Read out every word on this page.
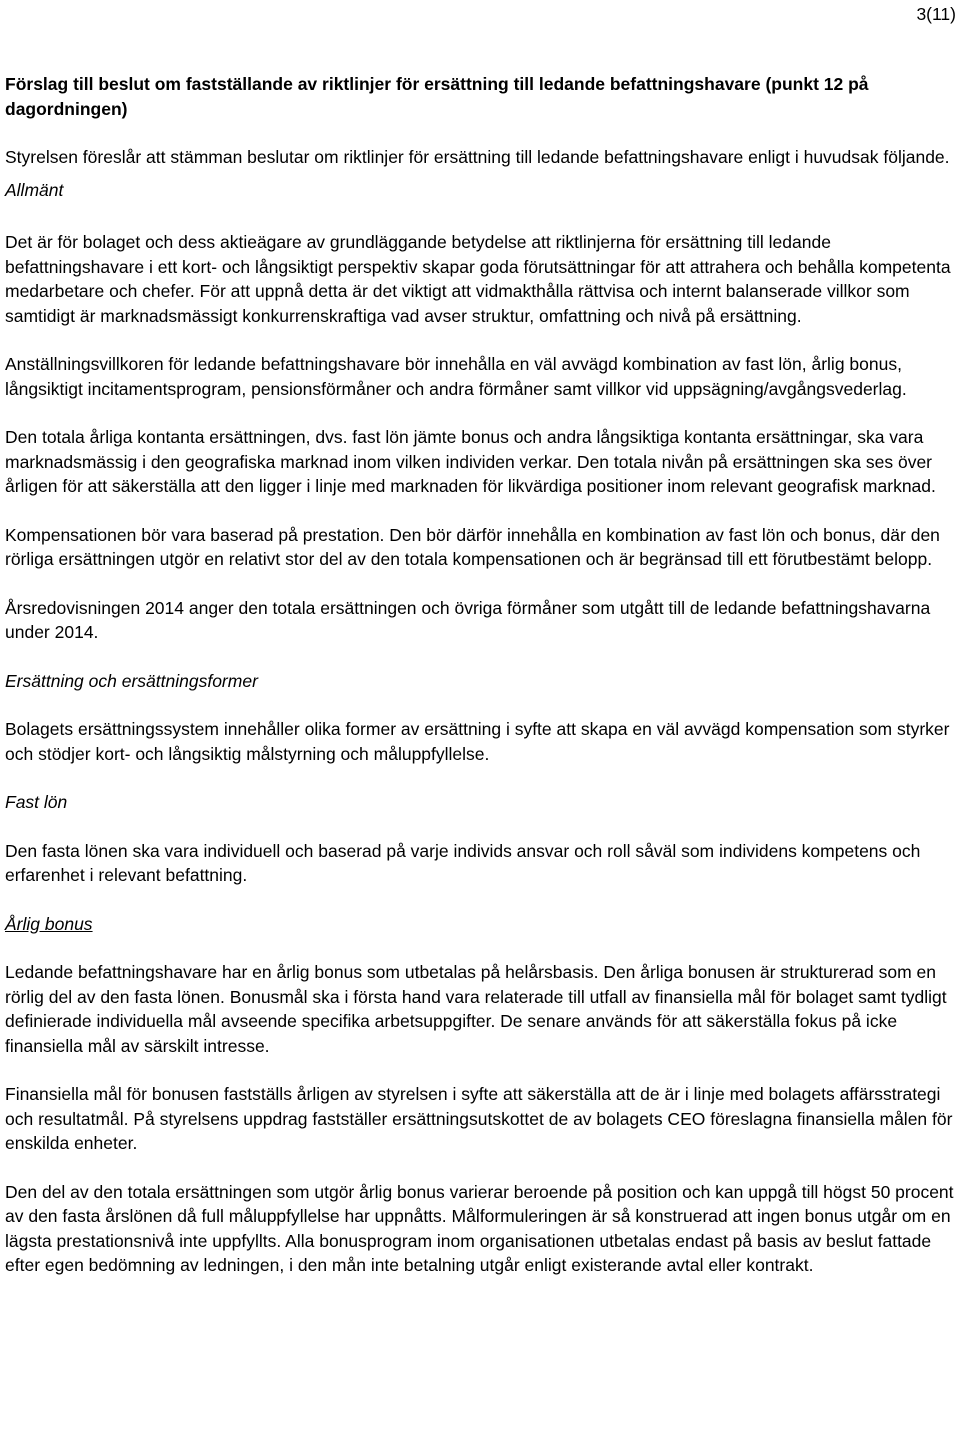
3(11)

Förslag till beslut om fastställande av riktlinjer för ersättning till ledande befattningshavare (punkt 12 på dagordningen)

Styrelsen föreslår att stämman beslutar om riktlinjer för ersättning till ledande befattningshavare enligt i huvudsak följande.

Allmänt

Det är för bolaget och dess aktieägare av grundläggande betydelse att riktlinjerna för ersättning till ledande befattningshavare i ett kort- och långsiktigt perspektiv skapar goda förutsättningar för att attrahera och behålla kompetenta medarbetare och chefer. För att uppnå detta är det viktigt att vidmakthålla rättvisa och internt balanserade villkor som samtidigt är marknadsmässigt konkurrenskraftiga vad avser struktur, omfattning och nivå på ersättning.

Anställningsvillkoren för ledande befattningshavare bör innehålla en väl avvägd kombination av fast lön, årlig bonus, långsiktigt incitamentsprogram, pensionsförmåner och andra förmåner samt villkor vid uppsägning/avgångsvederlag.

Den totala årliga kontanta ersättningen, dvs. fast lön jämte bonus och andra långsiktiga kontanta ersättningar, ska vara marknadsmässig i den geografiska marknad inom vilken individen verkar. Den totala nivån på ersättningen ska ses över årligen för att säkerställa att den ligger i linje med marknaden för likvärdiga positioner inom relevant geografisk marknad.

Kompensationen bör vara baserad på prestation. Den bör därför innehålla en kombination av fast lön och bonus, där den rörliga ersättningen utgör en relativt stor del av den totala kompensationen och är begränsad till ett förutbestämt belopp.

Årsredovisningen 2014 anger den totala ersättningen och övriga förmåner som utgått till de ledande befattningshavarna under 2014.

Ersättning och ersättningsformer

Bolagets ersättningssystem innehåller olika former av ersättning i syfte att skapa en väl avvägd kompensation som styrker och stödjer kort- och långsiktig målstyrning och måluppfyllelse.

Fast lön

Den fasta lönen ska vara individuell och baserad på varje individs ansvar och roll såväl som individens kompetens och erfarenhet i relevant befattning.

Årlig bonus

Ledande befattningshavare har en årlig bonus som utbetalas på helårsbasis. Den årliga bonusen är strukturerad som en rörlig del av den fasta lönen. Bonusmål ska i första hand vara relaterade till utfall av finansiella mål för bolaget samt tydligt definierade individuella mål avseende specifika arbetsuppgifter. De senare används för att säkerställa fokus på icke finansiella mål av särskilt intresse.

Finansiella mål för bonusen fastställs årligen av styrelsen i syfte att säkerställa att de är i linje med bolagets affärsstrategi och resultatmål. På styrelsens uppdrag fastställer ersättningsutskottet de av bolagets CEO föreslagna finansiella målen för enskilda enheter.

Den del av den totala ersättningen som utgör årlig bonus varierar beroende på position och kan uppgå till högst 50 procent av den fasta årslönen då full måluppfyllelse har uppnåtts. Målformuleringen är så konstruerad att ingen bonus utgår om en lägsta prestationsnivå inte uppfyllts. Alla bonusprogram inom organisationen utbetalas endast på basis av beslut fattade efter egen bedömning av ledningen, i den mån inte betalning utgår enligt existerande avtal eller kontrakt.
